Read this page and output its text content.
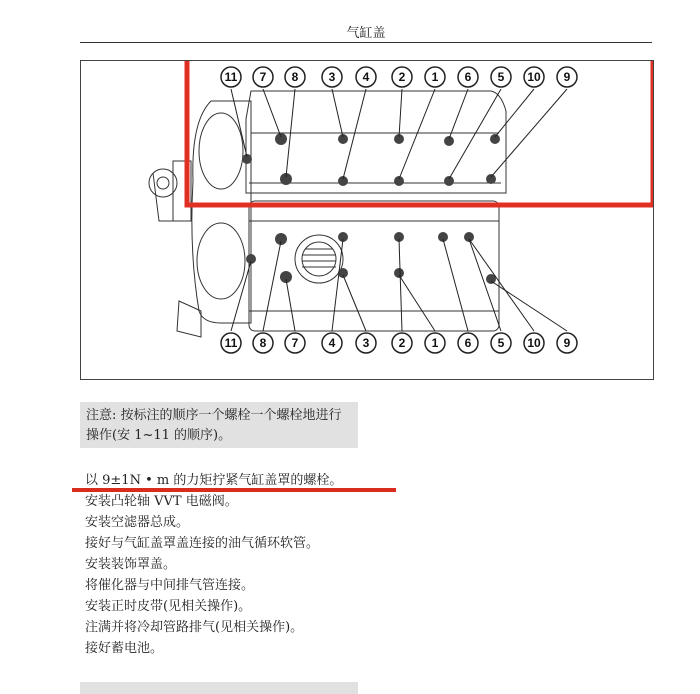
气缸盖
11 7 8	3 4 2 1 6 5 10 9
11 8 7	4 3 2 1 6 5 10 9
注意: 按标注的顺序一个螺栓一个螺栓地进行操作(安 1~11 的顺序)。
以 9±1N • m 的力矩拧紧气缸盖罩的螺栓。
安装凸轮轴 VVT 电磁阀。
安装空滤器总成。
接好与气缸盖罩盖连接的油气循环软管。
安装装饰罩盖。
将催化器与中间排气管连接。
安装正时皮带(见相关操作)。
注满并将冷却管路排气(见相关操作)。
接好蓄电池。
